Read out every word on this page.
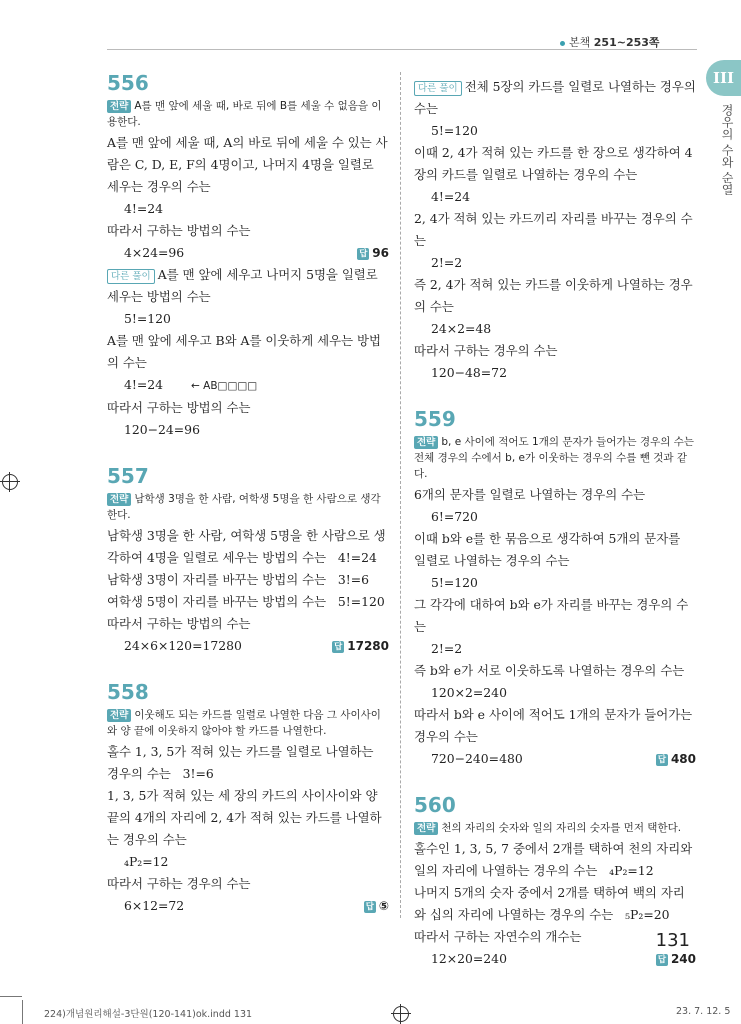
본책 251~253쪽
III
경우의 수와 순열
556
전략 A를 맨 앞에 세울 때, 바로 뒤에 B를 세울 수 없음을 이용한다.

A를 맨 앞에 세울 때, A의 바로 뒤에 세울 수 있는 사람은 C, D, E, F의 4명이고, 나머지 4명을 일렬로 세우는 경우의 수는

4!=24

따라서 구하는 방법의 수는

4×24=96	답 96

다른 풀이 A를 맨 앞에 세우고 나머지 5명을 일렬로 세우는 방법의 수는

5!=120

A를 맨 앞에 세우고 B와 A를 이웃하게 세우는 방법의 수는

4!=24	← AB□□□□

따라서 구하는 방법의 수는

120−24=96

557
전략 남학생 3명을 한 사람, 여학생 5명을 한 사람으로 생각한다.

남학생 3명을 한 사람, 여학생 5명을 한 사람으로 생각하여 4명을 일렬로 세우는 방법의 수는 4!=24

남학생 3명이 자리를 바꾸는 방법의 수는 3!=6

여학생 5명이 자리를 바꾸는 방법의 수는 5!=120

따라서 구하는 방법의 수는

24×6×120=17280	답 17280

558
전략 이웃해도 되는 카드를 일렬로 나열한 다음 그 사이사이와 양 끝에 이웃하지 않아야 할 카드를 나열한다.

홀수 1, 3, 5가 적혀 있는 카드를 일렬로 나열하는 경우의 수는 3!=6

1, 3, 5가 적혀 있는 세 장의 카드의 사이사이와 양 끝의 4개의 자리에 2, 4가 적혀 있는 카드를 나열하는 경우의 수는

₄P₂=12

따라서 구하는 경우의 수는

6×12=72	답 ⑤

다른 풀이 전체 5장의 카드를 일렬로 나열하는 경우의 수는

5!=120

이때 2, 4가 적혀 있는 카드를 한 장으로 생각하여 4장의 카드를 일렬로 나열하는 경우의 수는

4!=24

2, 4가 적혀 있는 카드끼리 자리를 바꾸는 경우의 수는

2!=2

즉 2, 4가 적혀 있는 카드를 이웃하게 나열하는 경우의 수는

24×2=48

따라서 구하는 경우의 수는

120−48=72

559
전략 b, e 사이에 적어도 1개의 문자가 들어가는 경우의 수는 전체 경우의 수에서 b, e가 이웃하는 경우의 수를 뺀 것과 같다.

6개의 문자를 일렬로 나열하는 경우의 수는

6!=720

이때 b와 e를 한 묶음으로 생각하여 5개의 문자를 일렬로 나열하는 경우의 수는

5!=120

그 각각에 대하여 b와 e가 자리를 바꾸는 경우의 수는

2!=2

즉 b와 e가 서로 이웃하도록 나열하는 경우의 수는

120×2=240

따라서 b와 e 사이에 적어도 1개의 문자가 들어가는 경우의 수는

720−240=480	답 480

560
전략 천의 자리의 숫자와 일의 자리의 숫자를 먼저 택한다.

홀수인 1, 3, 5, 7 중에서 2개를 택하여 천의 자리와 일의 자리에 나열하는 경우의 수는 ₄P₂=12

나머지 5개의 숫자 중에서 2개를 택하여 백의 자리와 십의 자리에 나열하는 경우의 수는 ₅P₂=20

따라서 구하는 자연수의 개수는

12×20=240	답 240

131
224)개념원리해설-3단원(120-141)ok.indd 131	23. 7. 12. 5
